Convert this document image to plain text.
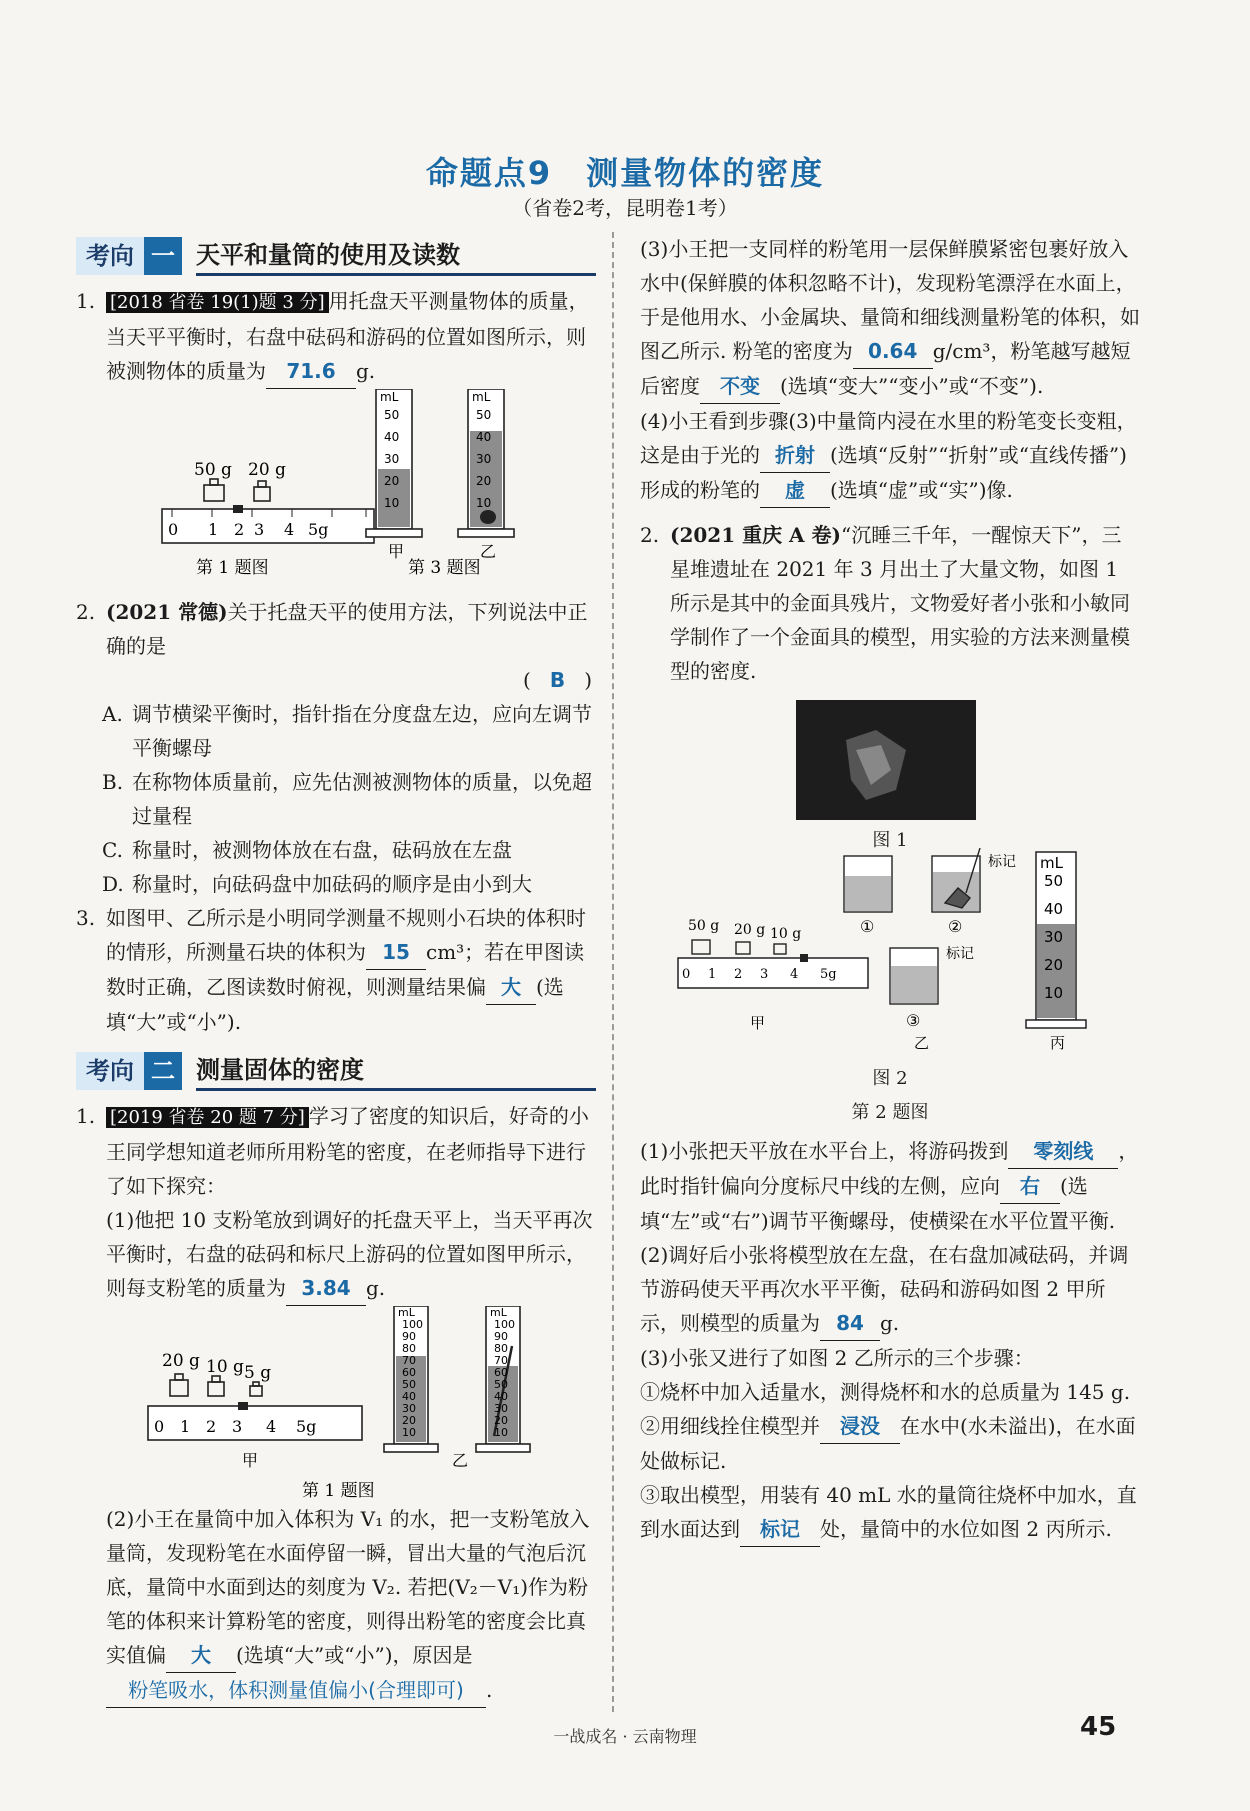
命题点9　测量物体的密度
（省卷2考，昆明卷1考）
考向 一 天平和量筒的使用及读数
1. [2018 省卷 19(1)题 3 分] 用托盘天平测量物体的质量，当天平平衡时，右盘中砝码和游码的位置如图所示，则被测物体的质量为 71.6 g.
50 g 20 g
0 1 2 3 4 5g
第 1 题图
mL
50
40
30
20
10
mL
50
40
30
20
10
甲	乙
第 3 题图
2. (2021 常德)关于托盘天平的使用方法，下列说法中正确的是
( B )
A. 调节横梁平衡时，指针指在分度盘左边，应向左调节平衡螺母
B. 在称物体质量前，应先估测被测物体的质量，以免超过量程
C. 称量时，被测物体放在右盘，砝码放在左盘
D. 称量时，向砝码盘中加砝码的顺序是由小到大
3. 如图甲、乙所示是小明同学测量不规则小石块的体积时的情形，所测量石块的体积为 15 cm³；若在甲图读数时正确，乙图读数时俯视，则测量结果偏 大 (选填“大”或“小”).
考向 二 测量固体的密度
1. [2019 省卷 20 题 7 分] 学习了密度的知识后，好奇的小王同学想知道老师所用粉笔的密度，在老师指导下进行了如下探究：
(1)他把 10 支粉笔放到调好的托盘天平上，当天平再次平衡时，右盘的砝码和标尺上游码的位置如图甲所示，则每支粉笔的质量为 3.84 g.
20 g 10 g 5 g
0 1 2 3 4 5g
甲
mL
100
90
80
70
60
50
40
30
20
10
mL
100
90
80
70
60
50
40
30
20
10
乙
第 1 题图
(2)小王在量筒中加入体积为 V₁ 的水，把一支粉笔放入量筒，发现粉笔在水面停留一瞬，冒出大量的气泡后沉底，量筒中水面到达的刻度为 V₂. 若把(V₂－V₁)作为粉笔的体积来计算粉笔的密度，则得出粉笔的密度会比真实值偏 大 (选填“大”或“小”)，原因是 粉笔吸水，体积测量值偏小(合理即可) .
(3)小王把一支同样的粉笔用一层保鲜膜紧密包裹好放入水中(保鲜膜的体积忽略不计)，发现粉笔漂浮在水面上，于是他用水、小金属块、量筒和细线测量粉笔的体积，如图乙所示. 粉笔的密度为 0.64 g/cm³，粉笔越写越短后密度 不变 (选填“变大”“变小”或“不变”).
(4)小王看到步骤(3)中量筒内浸在水里的粉笔变长变粗，这是由于光的 折射 (选填“反射”“折射”或“直线传播”)形成的粉笔的 虚 (选填“虚”或“实”)像.
2. (2021 重庆 A 卷)“沉睡三千年，一醒惊天下”，三星堆遗址在 2021 年 3 月出土了大量文物，如图 1 所示是其中的金面具残片，文物爱好者小张和小敏同学制作了一个金面具的模型，用实验的方法来测量模型的密度.
图 1
50 g 20 g 10 g
0 1 2 3 4 5g
甲
①
标记
②
标记
③
乙
mL
50
40
30
20
10
丙
图 2
第 2 题图
(1)小张把天平放在水平台上，将游码拨到 零刻线 ，此时指针偏向分度标尺中线的左侧，应向 右 (选填“左”或“右”)调节平衡螺母，使横梁在水平位置平衡.
(2)调好后小张将模型放在左盘，在右盘加减砝码，并调节游码使天平再次水平平衡，砝码和游码如图 2 甲所示，则模型的质量为 84 g.
(3)小张又进行了如图 2 乙所示的三个步骤：
①烧杯中加入适量水，测得烧杯和水的总质量为 145 g.
②用细线拴住模型并 浸没 在水中(水未溢出)，在水面处做标记.
③取出模型，用装有 40 mL 水的量筒往烧杯中加水，直到水面达到 标记 处，量筒中的水位如图 2 丙所示.
一战成名 · 云南物理	45
